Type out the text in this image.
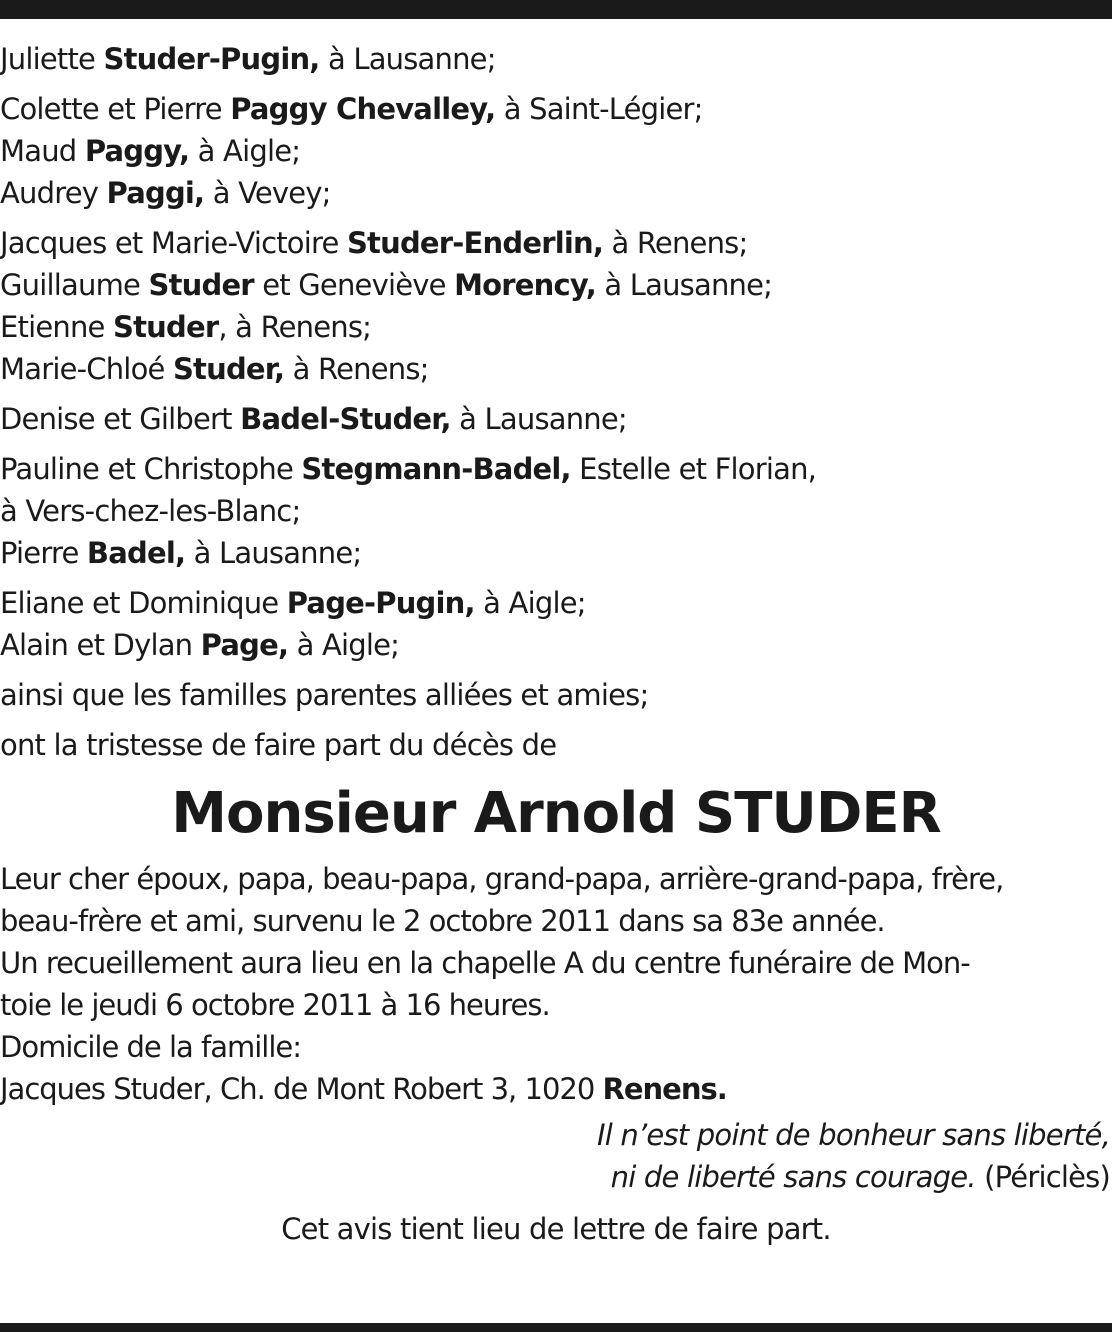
Juliette Studer-Pugin, à Lausanne;
Colette et Pierre Paggy Chevalley, à Saint-Légier;
Maud Paggy, à Aigle;
Audrey Paggi, à Vevey;
Jacques et Marie-Victoire Studer-Enderlin, à Renens;
Guillaume Studer et Geneviève Morency, à Lausanne;
Etienne Studer, à Renens;
Marie-Chloé Studer, à Renens;
Denise et Gilbert Badel-Studer, à Lausanne;
Pauline et Christophe Stegmann-Badel, Estelle et Florian,
à Vers-chez-les-Blanc;
Pierre Badel, à Lausanne;
Eliane et Dominique Page-Pugin, à Aigle;
Alain et Dylan Page, à Aigle;
ainsi que les familles parentes alliées et amies;
ont la tristesse de faire part du décès de
Monsieur Arnold STUDER
Leur cher époux, papa, beau-papa, grand-papa, arrière-grand-papa, frère,
beau-frère et ami, survenu le 2 octobre 2011 dans sa 83e année.
Un recueillement aura lieu en la chapelle A du centre funéraire de Mon-
toie le jeudi 6 octobre 2011 à 16 heures.
Domicile de la famille:
Jacques Studer, Ch. de Mont Robert 3, 1020 Renens.
Il n’est point de bonheur sans liberté,
ni de liberté sans courage. (Périclès)
Cet avis tient lieu de lettre de faire part.
